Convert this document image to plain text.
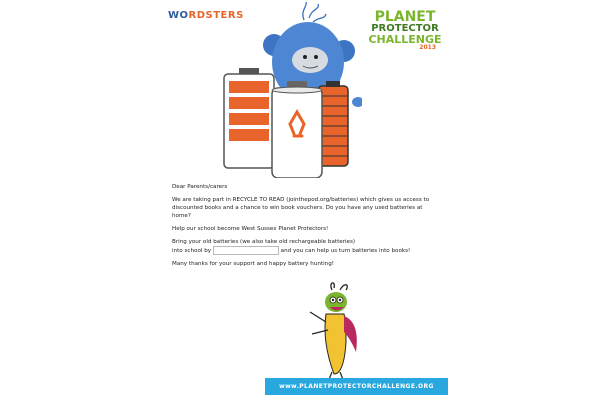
WORDSTERS	PLANET
PROTECTOR
CHALLENGE
2013

Dear Parents/carers

We are taking part in RECYCLE TO READ (jointhepod.org/batteries) which gives us access to discounted books and a chance to win book vouchers. Do you have any used batteries at home?

Help our school become West Sussex Planet Protectors!

Bring your old batteries (we also take old rechargeable batteries)
into school by	and you can help us turn batteries into books!

Many thanks for your support and happy battery hunting!

www.PLANETPROTECTORCHALLENGE.ORG
